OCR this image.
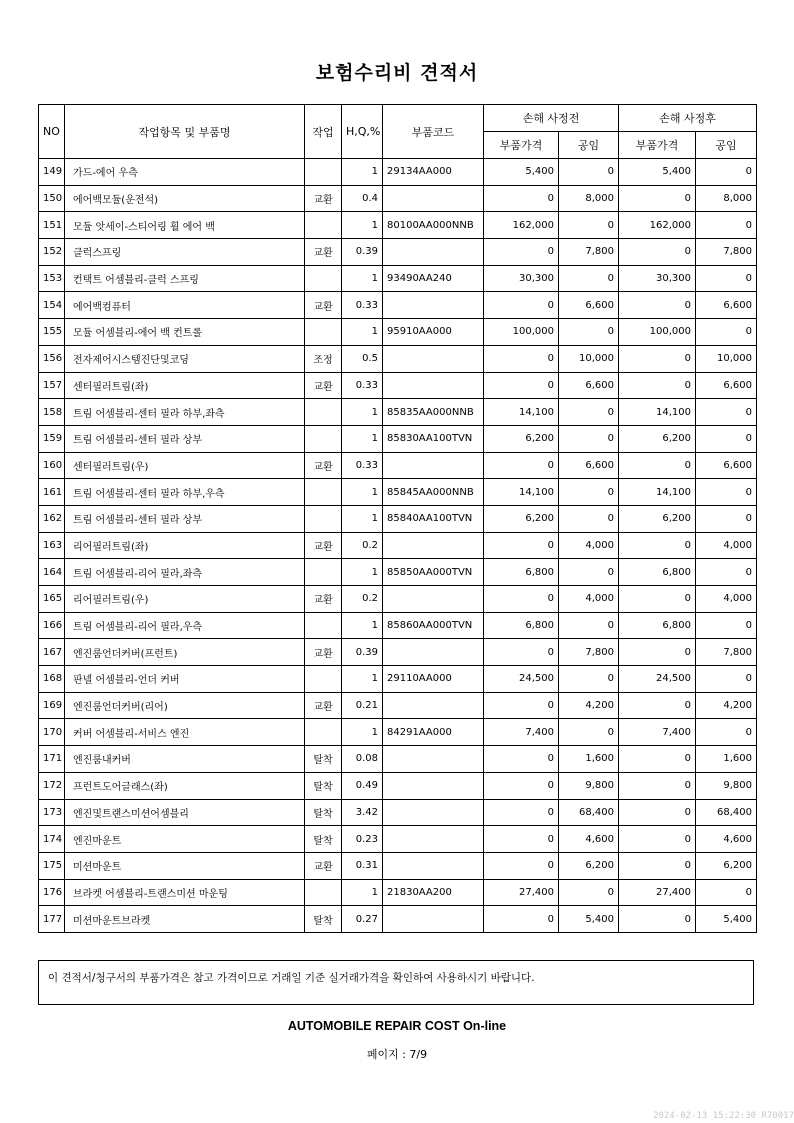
보험수리비 견적서
NO	작업항목 및 부품명	작업	H,Q,%	부품코드	손해 사정전		손해 사정후	
					부품가격	공임	부품가격	공임
149	가드-에어 우측		1	29134AA000	5,400	0	5,400	0
150	에어백모듈(운전석)	교환	0.4		0	8,000	0	8,000
151	모듈 앗세이-스티어링 휠 에어 백		1	80100AA000NNB	162,000	0	162,000	0
152	클럭스프링	교환	0.39		0	7,800	0	7,800
153	컨택트 어셈블리-클럭 스프링		1	93490AA240	30,300	0	30,300	0
154	에어백컴퓨터	교환	0.33		0	6,600	0	6,600
155	모듈 어셈블리-에어 백 컨트롤		1	95910AA000	100,000	0	100,000	0
156	전자제어시스템진단및코딩	조정	0.5		0	10,000	0	10,000
157	센터필러트림(좌)	교환	0.33		0	6,600	0	6,600
158	트림 어셈블리-센터 필라 하부,좌측		1	85835AA000NNB	14,100	0	14,100	0
159	트림 어셈블리-센터 필라 상부		1	85830AA100TVN	6,200	0	6,200	0
160	센터필러트림(우)	교환	0.33		0	6,600	0	6,600
161	트림 어셈블리-센터 필라 하부,우측		1	85845AA000NNB	14,100	0	14,100	0
162	트림 어셈블리-센터 필라 상부		1	85840AA100TVN	6,200	0	6,200	0
163	리어필러트림(좌)	교환	0.2		0	4,000	0	4,000
164	트림 어셈블리-리어 필라,좌측		1	85850AA000TVN	6,800	0	6,800	0
165	리어필러트림(우)	교환	0.2		0	4,000	0	4,000
166	트림 어셈블리-리어 필라,우측		1	85860AA000TVN	6,800	0	6,800	0
167	엔진룸언더커버(프런트)	교환	0.39		0	7,800	0	7,800
168	판넬 어셈블리-언더 커버		1	29110AA000	24,500	0	24,500	0
169	엔진룸언더커버(리어)	교환	0.21		0	4,200	0	4,200
170	커버 어셈블리-서비스 엔진		1	84291AA000	7,400	0	7,400	0
171	엔진룸내커버	탈착	0.08		0	1,600	0	1,600
172	프런트도어글래스(좌)	탈착	0.49		0	9,800	0	9,800
173	엔진및트랜스미션어셈블리	탈착	3.42		0	68,400	0	68,400
174	엔진마운트	탈착	0.23		0	4,600	0	4,600
175	미션마운트	교환	0.31		0	6,200	0	6,200
176	브라켓 어셈블리-트랜스미션 마운팅		1	21830AA200	27,400	0	27,400	0
177	미션마운트브라켓	탈착	0.27		0	5,400	0	5,400
이 견적서/청구서의 부품가격은 참고 가격이므로 거래일 기준 실거래가격을 확인하여 사용하시기 바랍니다.
AUTOMOBILE REPAIR COST On-line
페이지 : 7/9
2024-02-13 15:22:30 R70017
